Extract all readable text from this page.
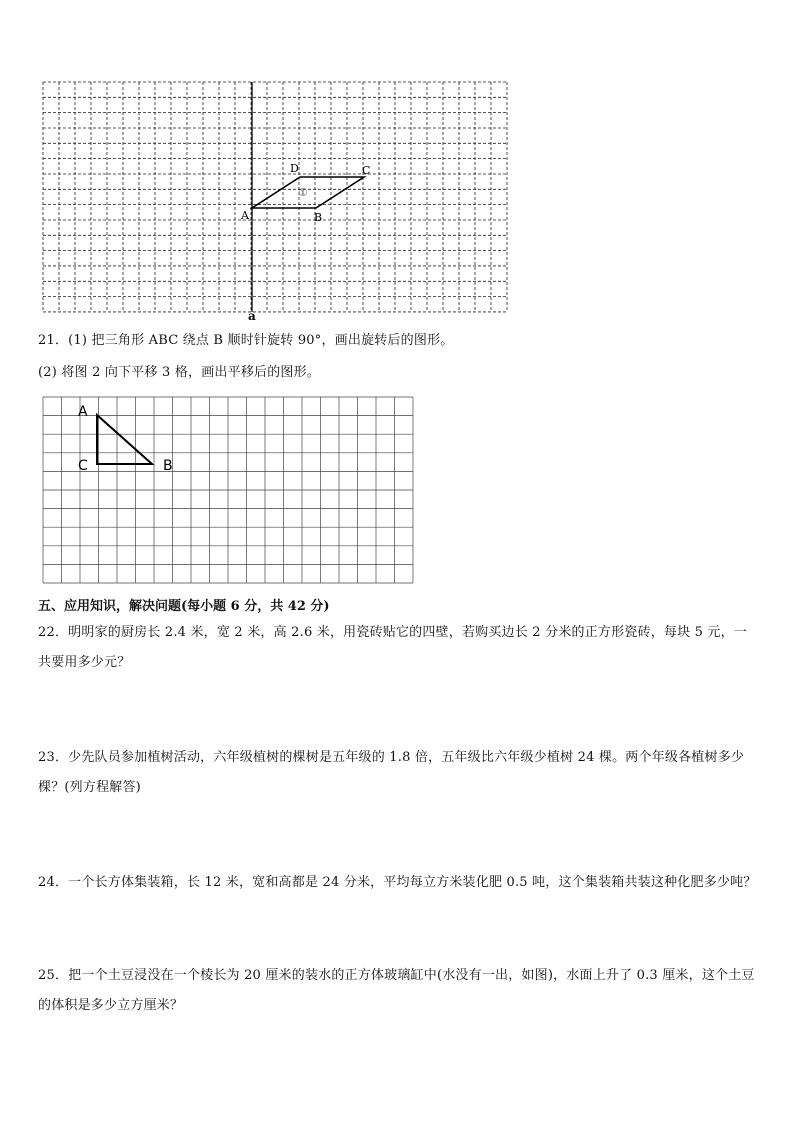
A	B
C
D
①
a
21．(1) 把三角形 ABC 绕点 B 顺时针旋转 90°，画出旋转后的图形。
(2) 将图 2 向下平移 3 格，画出平移后的图形。
A
C	B
五、应用知识，解决问题(每小题 6 分，共 42 分)
22．明明家的厨房长 2.4 米，宽 2 米，高 2.6 米，用瓷砖贴它的四壁，若购买边长 2 分米的正方形瓷砖，每块 5 元，一共要用多少元？
23．少先队员参加植树活动，六年级植树的棵树是五年级的 1.8 倍，五年级比六年级少植树 24 棵。两个年级各植树多少棵？(列方程解答)
24．一个长方体集装箱，长 12 米，宽和高都是 24 分米，平均每立方米装化肥 0.5 吨，这个集装箱共装这种化肥多少吨？
25．把一个土豆浸没在一个棱长为 20 厘米的装水的正方体玻璃缸中(水没有一出，如图)，水面上升了 0.3 厘米，这个土豆的体积是多少立方厘米？
